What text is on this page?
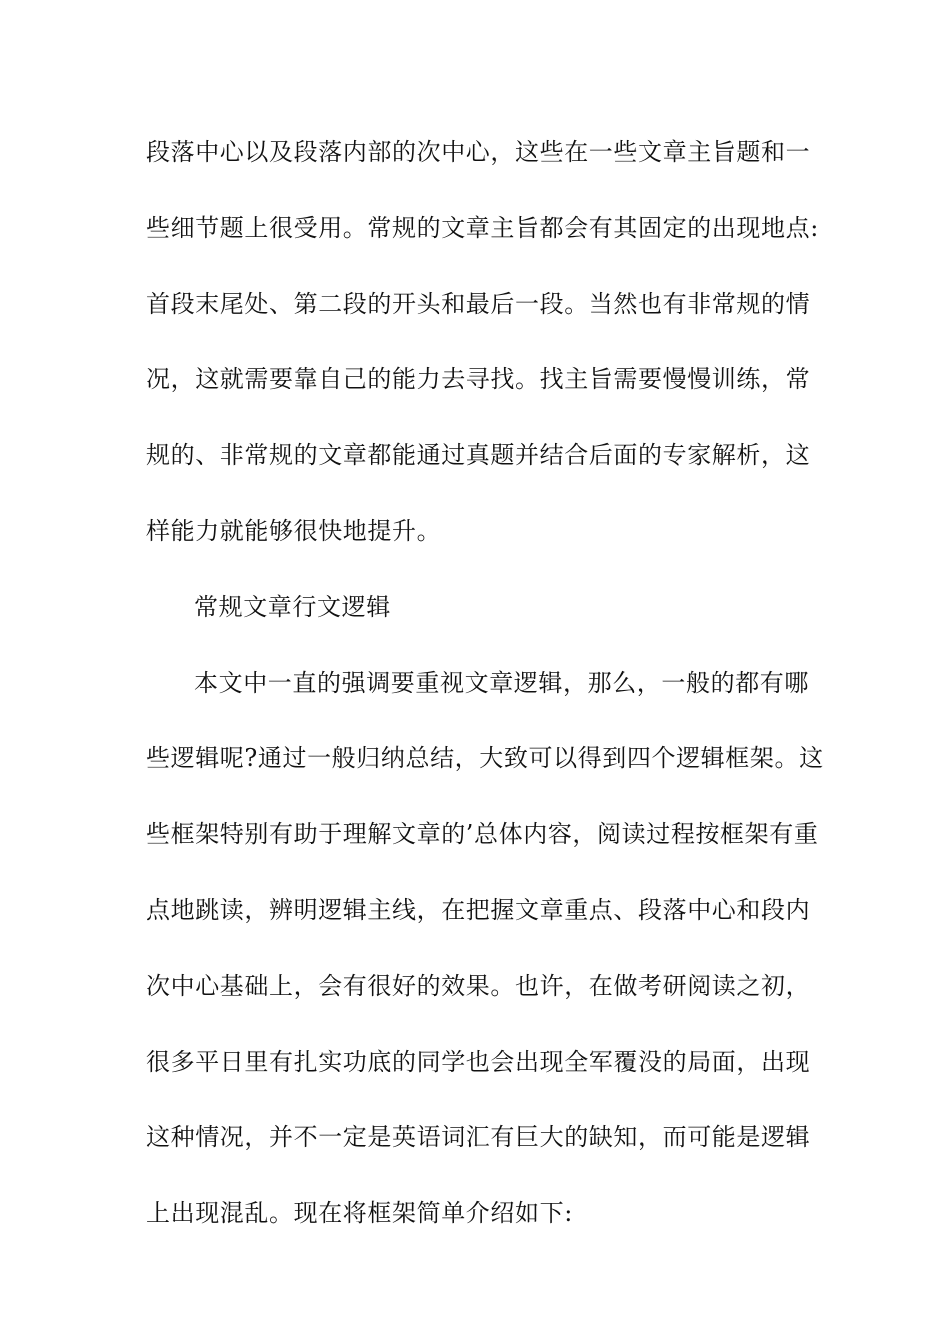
段落中心以及段落内部的次中心，这些在一些文章主旨题和一
些细节题上很受用。常规的文章主旨都会有其固定的出现地点:
首段末尾处、第二段的开头和最后一段。当然也有非常规的情
况，这就需要靠自己的能力去寻找。找主旨需要慢慢训练，常
规的、非常规的文章都能通过真题并结合后面的专家解析，这
样能力就能够很快地提升。
常规文章行文逻辑
本文中一直的强调要重视文章逻辑，那么，一般的都有哪
些逻辑呢?通过一般归纳总结，大致可以得到四个逻辑框架。这
些框架特别有助于理解文章的’总体内容，阅读过程按框架有重
点地跳读，辨明逻辑主线，在把握文章重点、段落中心和段内
次中心基础上，会有很好的效果。也许，在做考研阅读之初，
很多平日里有扎实功底的同学也会出现全军覆没的局面，出现
这种情况，并不一定是英语词汇有巨大的缺知，而可能是逻辑
上出现混乱。现在将框架简单介绍如下:
